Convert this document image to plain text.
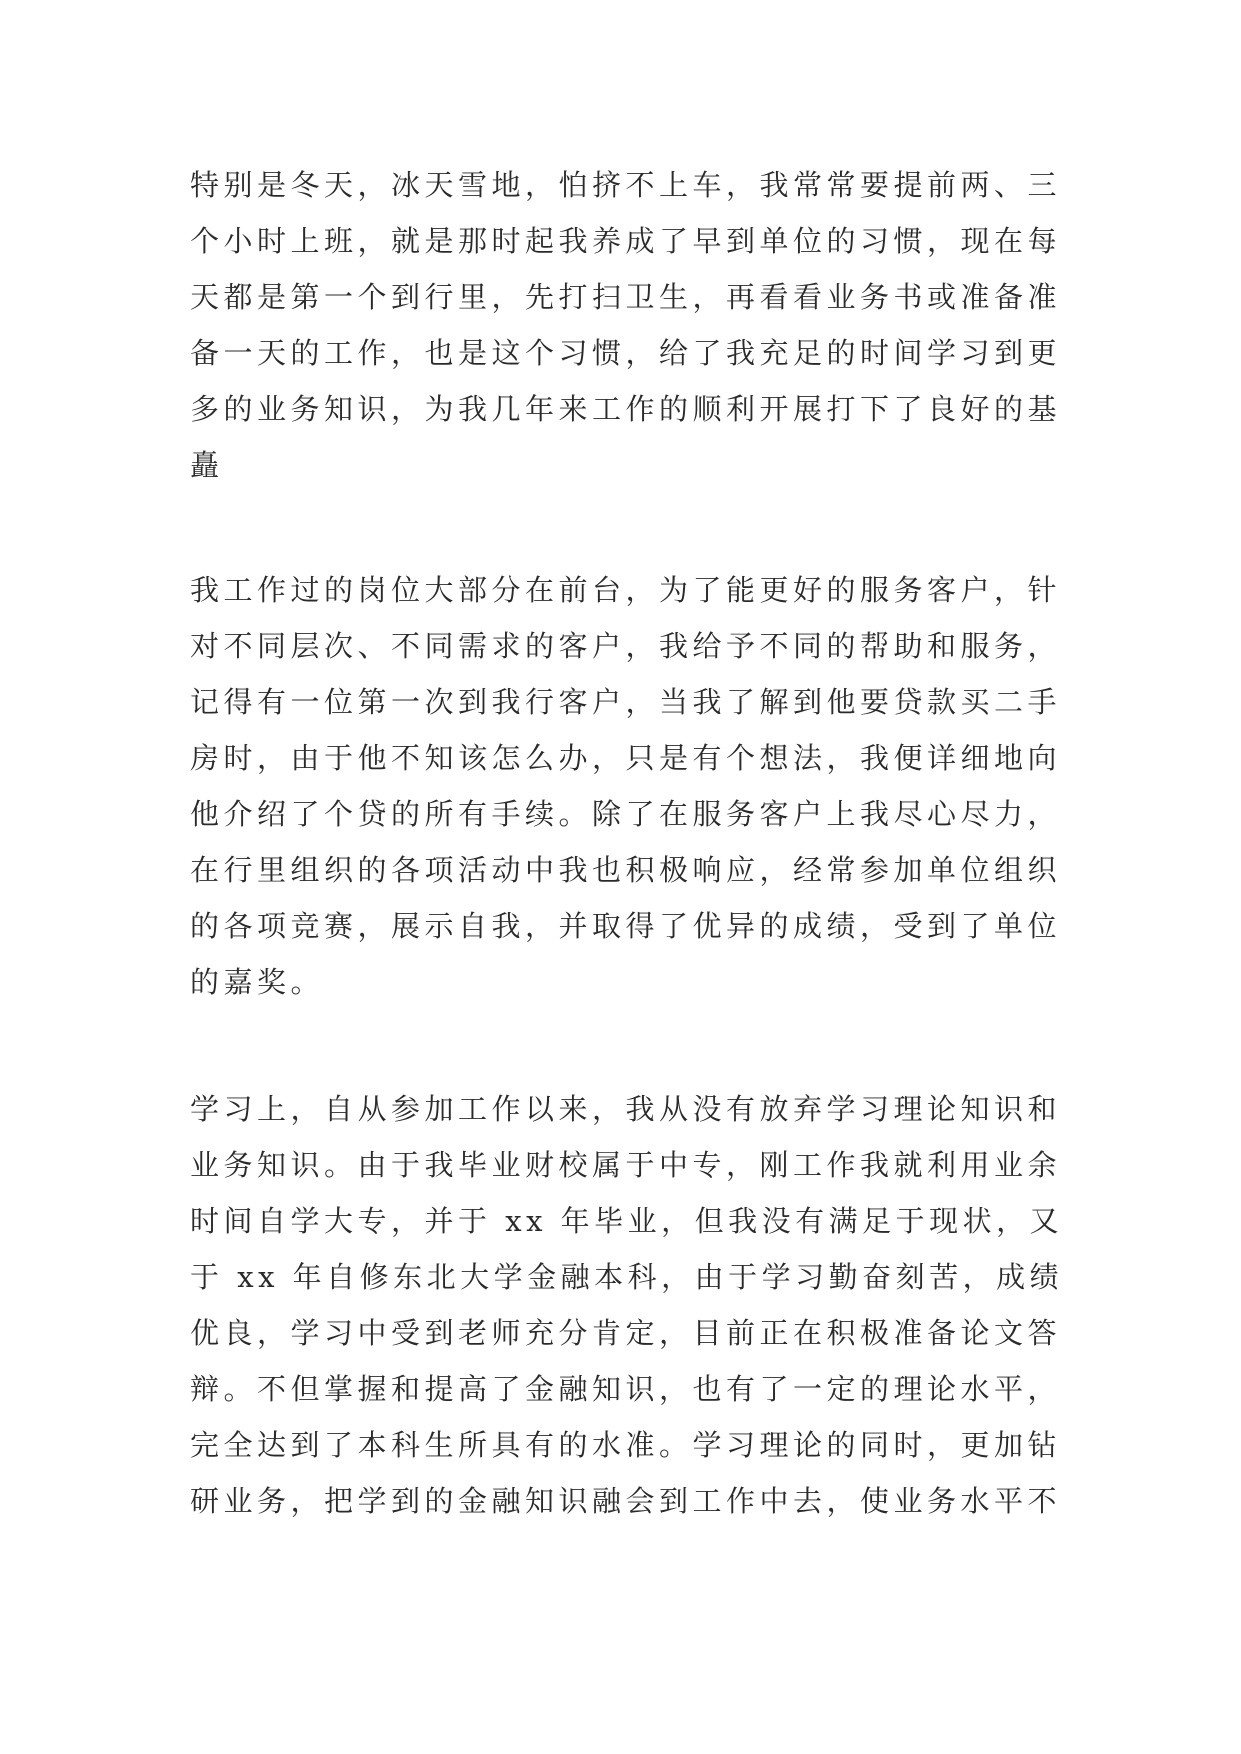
特别是冬天，冰天雪地，怕挤不上车，我常常要提前两、三
个小时上班，就是那时起我养成了早到单位的习惯，现在每
天都是第一个到行里，先打扫卫生，再看看业务书或准备准
备一天的工作，也是这个习惯，给了我充足的时间学习到更
多的业务知识，为我几年来工作的顺利开展打下了良好的基
矗
我工作过的岗位大部分在前台，为了能更好的服务客户，针
对不同层次、不同需求的客户，我给予不同的帮助和服务，
记得有一位第一次到我行客户，当我了解到他要贷款买二手
房时，由于他不知该怎么办，只是有个想法，我便详细地向
他介绍了个贷的所有手续。除了在服务客户上我尽心尽力，
在行里组织的各项活动中我也积极响应，经常参加单位组织
的各项竞赛，展示自我，并取得了优异的成绩，受到了单位
的嘉奖。
学习上，自从参加工作以来，我从没有放弃学习理论知识和
业务知识。由于我毕业财校属于中专，刚工作我就利用业余
时间自学大专，并于 xx 年毕业，但我没有满足于现状，又
于 xx 年自修东北大学金融本科，由于学习勤奋刻苦，成绩
优良，学习中受到老师充分肯定，目前正在积极准备论文答
辩。不但掌握和提高了金融知识，也有了一定的理论水平，
完全达到了本科生所具有的水准。学习理论的同时，更加钻
研业务，把学到的金融知识融会到工作中去，使业务水平不
